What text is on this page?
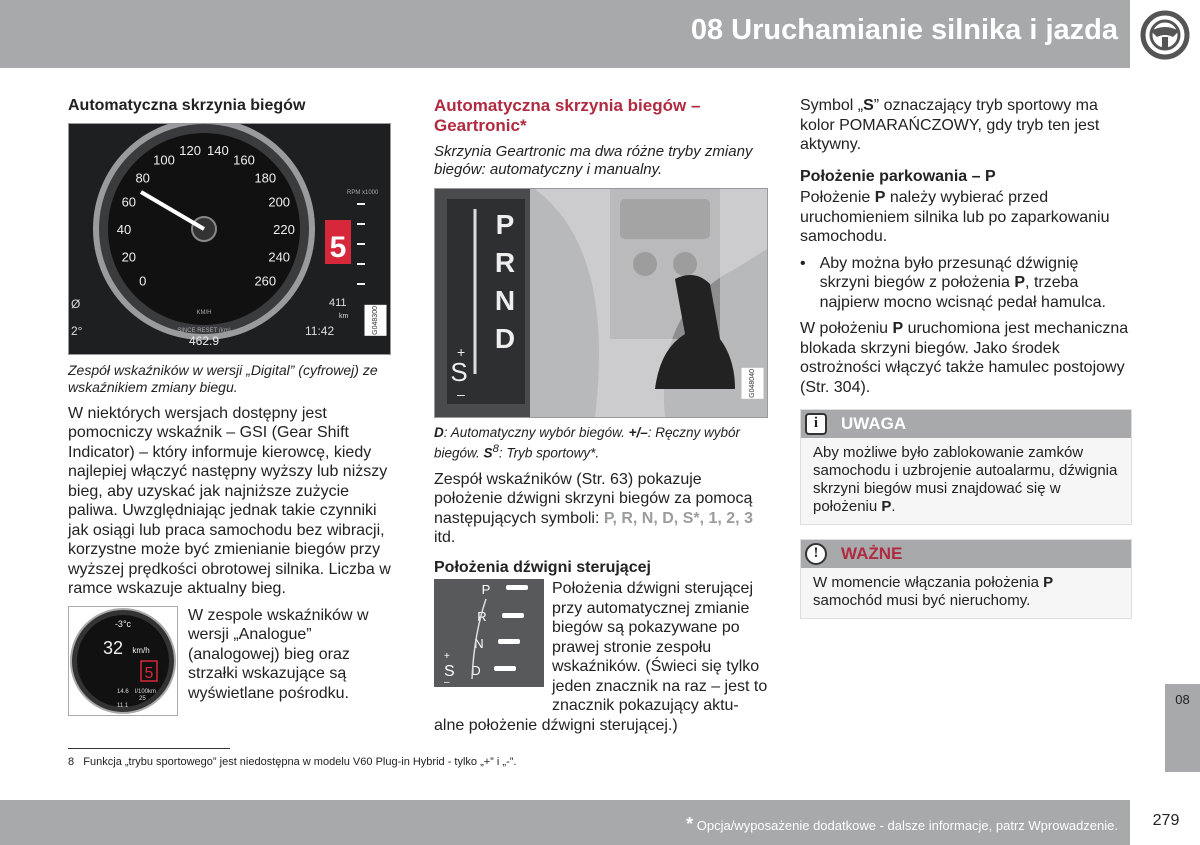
08 Uruchamianie silnika i jazda
Automatyczna skrzynia biegów
0
20
40
60
80
100
120 140
160
180
200
220
240
260
KM/H
SINCE RESET (km)
462.9
RPM x1000
5
Ø
2°
411
km
11:42	G048300
Zespół wskaźników w wersji „Digital” (cyfrowej) ze wskaźnikiem zmiany biegu.

W niektórych wersjach dostępny jest pomocniczy wskaźnik – GSI (Gear Shift Indicator) – który informuje kierowcę, kiedy najlepiej włączyć następny wyższy lub niższy bieg, aby uzyskać jak najniższe zużycie paliwa. Uwzględniając jednak takie czynniki jak osiągi lub praca samochodu bez wibracji, korzystne może być zmienianie biegów przy wyższej prędkości obrotowej silnika. Liczba w ramce wskazuje aktualny bieg.

-3°c
32 km/h
5
14.6 l/100km
25
11.1

W zespole wskaźników w wersji „Analogue” (analogowej) bieg oraz strzałki wskazujące są wyświetlane pośrodku.

Automatyczna skrzynia biegów – Geartronic*

Skrzynia Geartronic ma dwa różne tryby zmiany biegów: automatyczny i manualny.

P
R
N
D
+
S
–	G048040
D: Automatyczny wybór biegów. +/–: Ręczny wybór biegów. $S^8$: Tryb sportowy*.

Zespół wskaźników (Str. 63) pokazuje położenie dźwigni skrzyni biegów za pomocą następujących symboli: P, R, N, D, S*, 1, 2, 3 itd.

Położenia dźwigni sterującej
P
R
N
D
+
S
–

Położenia dźwigni sterującej przy automatycznej zmianie biegów są pokazywane po prawej stronie zespołu wskaźników. (Świeci się tylko jeden znacznik na raz – jest to znacznik pokazujący aktu-

alne położenie dźwigni sterującej.)

Symbol „S” oznaczający tryb sportowy ma kolor POMARAŃCZOWY, gdy tryb ten jest aktywny.

Położenie parkowania – P

Położenie P należy wybierać przed uruchomieniem silnika lub po zaparkowaniu samochodu.

• Aby można było przesunąć dźwignię skrzyni biegów z położenia P, trzeba najpierw mocno wcisnąć pedał hamulca.

W położeniu P uruchomiona jest mechaniczna blokada skrzyni biegów. Jako środek ostrożności włączyć także hamulec postojowy (Str. 304).

i	UWAGA
Aby możliwe było zablokowanie zamków samochodu i uzbrojenie autoalarmu, dźwignia skrzyni biegów musi znajdować się w położeniu P.
!	WAŻNE
W momencie włączania położenia P samochód musi być nieruchomy.
8 Funkcja „trybu sportowego” jest niedostępna w modelu V60 Plug-in Hybrid - tylko „+” i „-”.
08
* Opcja/wyposażenie dodatkowe - dalsze informacje, patrz Wprowadzenie.	279
